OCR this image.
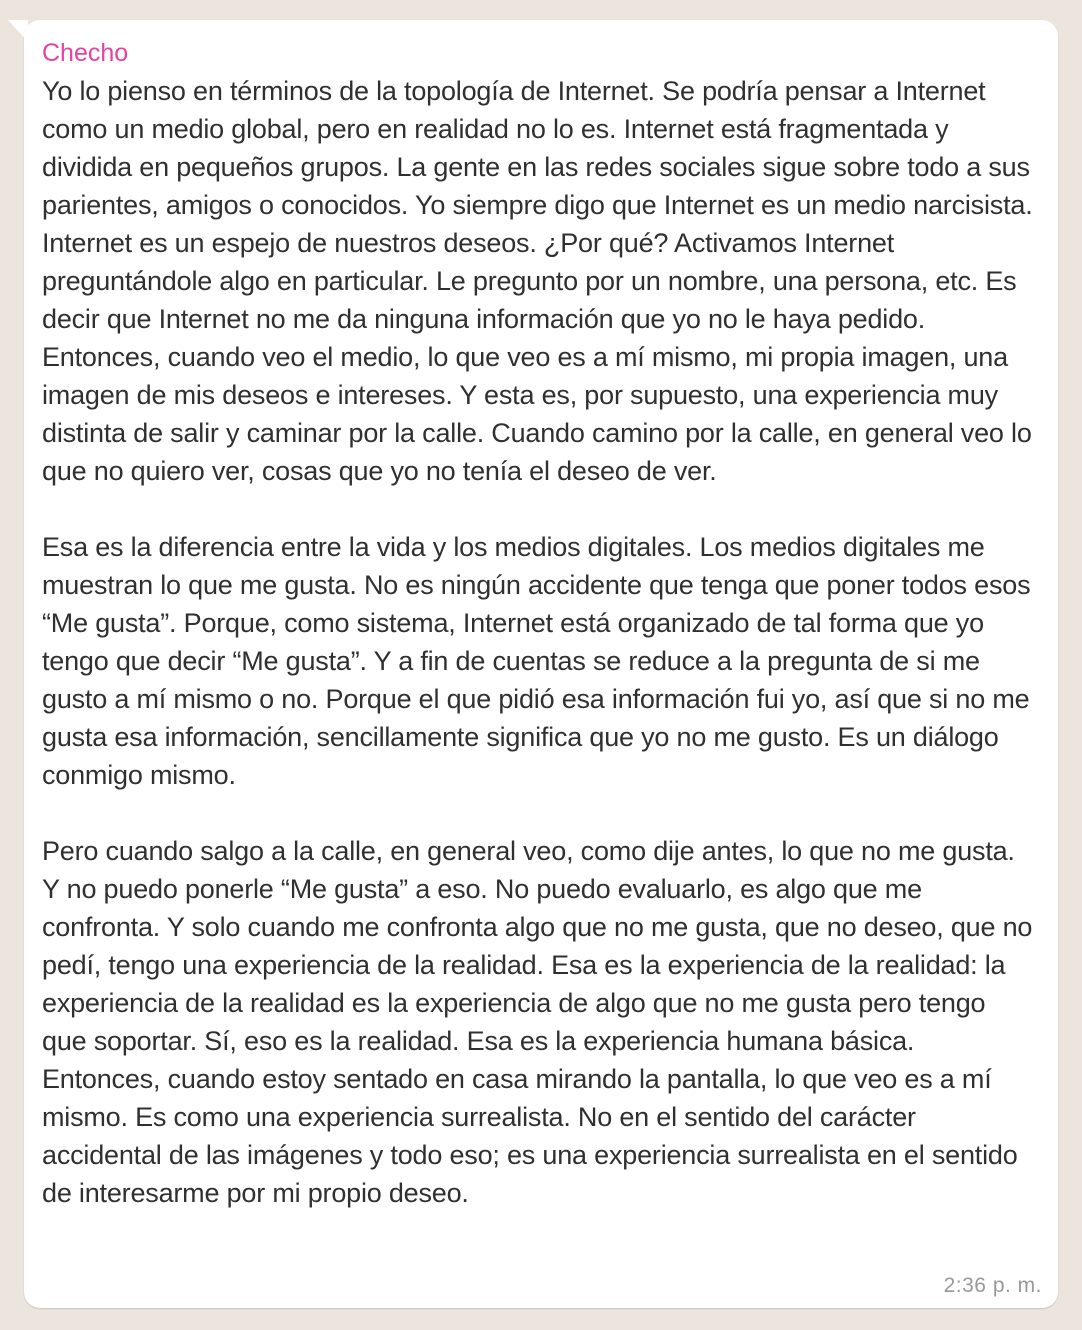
Checho

Yo lo pienso en términos de la topología de Internet. Se podría pensar a Internet como un medio global, pero en realidad no lo es. Internet está fragmentada y dividida en pequeños grupos. La gente en las redes sociales sigue sobre todo a sus parientes, amigos o conocidos. Yo siempre digo que Internet es un medio narcisista. Internet es un espejo de nuestros deseos. ¿Por qué? Activamos Internet preguntándole algo en particular. Le pregunto por un nombre, una persona, etc. Es decir que Internet no me da ninguna información que yo no le haya pedido. Entonces, cuando veo el medio, lo que veo es a mí mismo, mi propia imagen, una imagen de mis deseos e intereses. Y esta es, por supuesto, una experiencia muy distinta de salir y caminar por la calle. Cuando camino por la calle, en general veo lo que no quiero ver, cosas que yo no tenía el deseo de ver.

Esa es la diferencia entre la vida y los medios digitales. Los medios digitales me muestran lo que me gusta. No es ningún accidente que tenga que poner todos esos “Me gusta”. Porque, como sistema, Internet está organizado de tal forma que yo tengo que decir “Me gusta”. Y a fin de cuentas se reduce a la pregunta de si me gusto a mí mismo o no. Porque el que pidió esa información fui yo, así que si no me gusta esa información, sencillamente significa que yo no me gusto. Es un diálogo conmigo mismo.

Pero cuando salgo a la calle, en general veo, como dije antes, lo que no me gusta. Y no puedo ponerle “Me gusta” a eso. No puedo evaluarlo, es algo que me confronta. Y solo cuando me confronta algo que no me gusta, que no deseo, que no pedí, tengo una experiencia de la realidad. Esa es la experiencia de la realidad: la experiencia de la realidad es la experiencia de algo que no me gusta pero tengo que soportar. Sí, eso es la realidad. Esa es la experiencia humana básica. Entonces, cuando estoy sentado en casa mirando la pantalla, lo que veo es a mí mismo. Es como una experiencia surrealista. No en el sentido del carácter accidental de las imágenes y todo eso; es una experiencia surrealista en el sentido de interesarme por mi propio deseo.

2:36 p. m.
